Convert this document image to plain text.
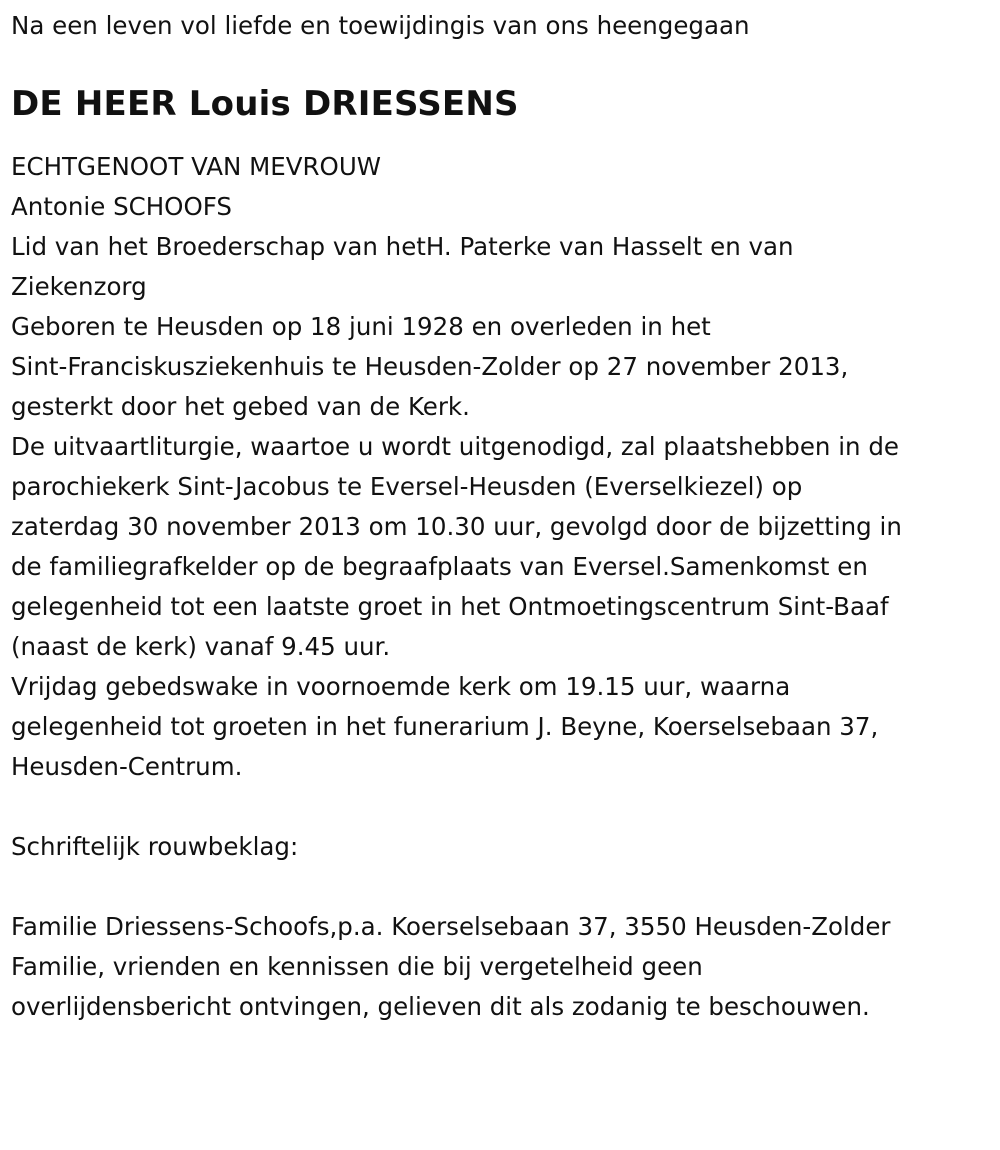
Na een leven vol liefde en toewijdingis van ons heengegaan

DE HEER Louis DRIESSENS

ECHTGENOOT VAN MEVROUW

Antonie SCHOOFS

Lid van het Broederschap van hetH. Paterke van Hasselt en van

Ziekenzorg

Geboren te Heusden op 18 juni 1928 en overleden in het

Sint-Franciskusziekenhuis te Heusden-Zolder op 27 november 2013,

gesterkt door het gebed van de Kerk.

De uitvaartliturgie, waartoe u wordt uitgenodigd, zal plaatshebben in de

parochiekerk Sint-Jacobus te Eversel-Heusden (Everselkiezel) op

zaterdag 30 november 2013 om 10.30 uur, gevolgd door de bijzetting in

de familiegrafkelder op de begraafplaats van Eversel.Samenkomst en

gelegenheid tot een laatste groet in het Ontmoetingscentrum Sint-Baaf

(naast de kerk) vanaf 9.45 uur.

Vrijdag gebedswake in voornoemde kerk om 19.15 uur, waarna

gelegenheid tot groeten in het funerarium J. Beyne, Koerselsebaan 37,

Heusden-Centrum.

Schriftelijk rouwbeklag:

Familie Driessens-Schoofs,p.a. Koerselsebaan 37, 3550 Heusden-Zolder

Familie, vrienden en kennissen die bij vergetelheid geen

overlijdensbericht ontvingen, gelieven dit als zodanig te beschouwen.
